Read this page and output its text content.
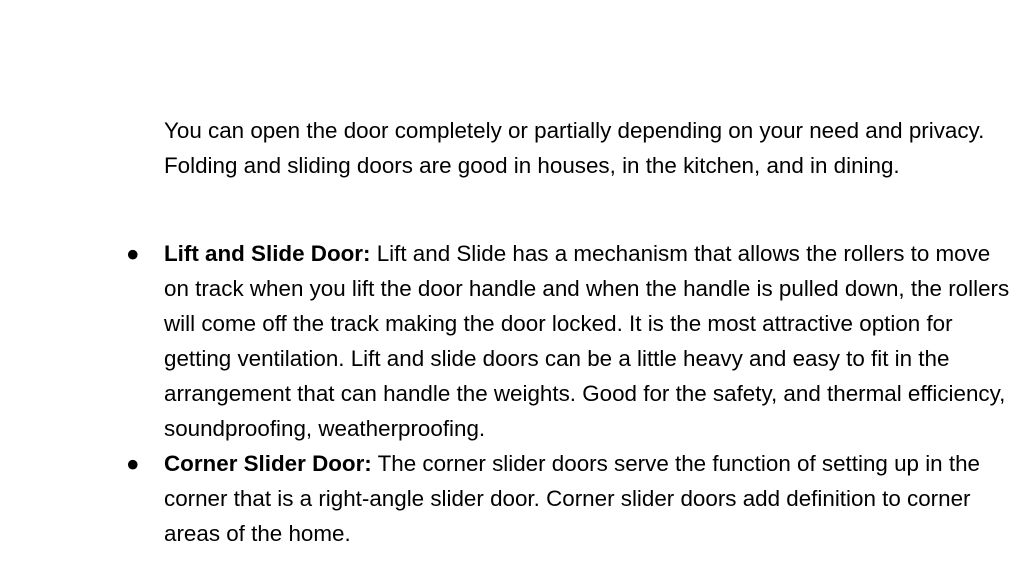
You can open the door completely or partially depending on your need and privacy. Folding and sliding doors are good in houses, in the kitchen, and in dining.

● Lift and Slide Door: Lift and Slide has a mechanism that allows the rollers to move on track when you lift the door handle and when the handle is pulled down, the rollers will come off the track making the door locked. It is the most attractive option for getting ventilation. Lift and slide doors can be a little heavy and easy to fit in the arrangement that can handle the weights. Good for the safety, and thermal efficiency, soundproofing, weatherproofing.
● Corner Slider Door: The corner slider doors serve the function of setting up in the corner that is a right-angle slider door. Corner slider doors add definition to corner areas of the home.
